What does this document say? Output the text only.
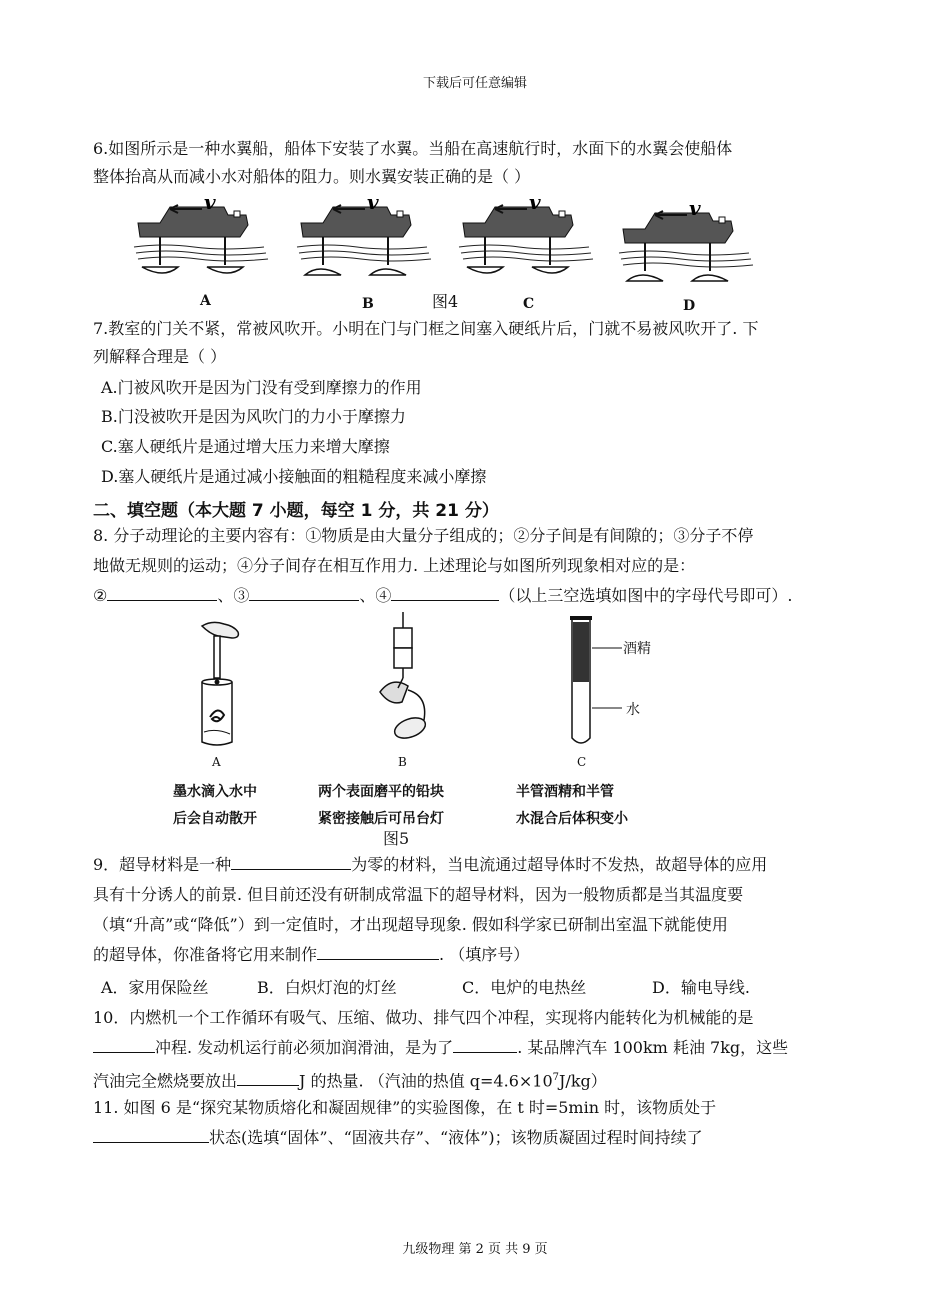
下载后可任意编辑
6.如图所示是一种水翼船，船体下安装了水翼。当船在高速航行时，水面下的水翼会使船体
整体抬高从而减小水对船体的阻力。则水翼安装正确的是（ ）
v	v	v	v
图4
A	B	C	D
7.教室的门关不紧，常被风吹开。小明在门与门框之间塞入硬纸片后，门就不易被风吹开了. 下
列解释合理是（ ）
A.门被风吹开是因为门没有受到摩擦力的作用
B.门没被吹开是因为风吹门的力小于摩擦力
C.塞人硬纸片是通过增大压力来增大摩擦
D.塞人硬纸片是通过减小接触面的粗糙程度来减小摩擦
二、填空题（本大题 7 小题，每空 1 分，共 21 分）
8. 分子动理论的主要内容有：①物质是由大量分子组成的；②分子间是有间隙的；③分子不停
地做无规则的运动；④分子间存在相互作用力. 上述理论与如图所列现象相对应的是：
②	、③	、④	（以上三空选填如图中的字母代号即可）.
酒精
水
A	B	C
墨水滴入水中
后会自动散开
两个表面磨平的铅块
紧密接触后可吊台灯
半管酒精和半管
水混合后体积变小
图5
9．超导材料是一种	为零的材料，当电流通过超导体时不发热，故超导体的应用
具有十分诱人的前景. 但目前还没有研制成常温下的超导材料，因为一般物质都是当其温度要
（填“升高”或“降低”）到一定值时，才出现超导现象. 假如科学家已研制出室温下就能使用
的超导体，你准备将它用来制作	. （填序号）
A．家用保险丝	B．白炽灯泡的灯丝	C．电炉的电热丝	D．输电导线.
10．内燃机一个工作循环有吸气、压缩、做功、排气四个冲程，实现将内能转化为机械能的是
冲程. 发动机运行前必须加润滑油，是为了	. 某品牌汽车 100km 耗油 7kg，这些
汽油完全燃烧要放出	J 的热量. （汽油的热值 $q=4.6\times 10^7J/kg$）
11. 如图 6 是“探究某物质熔化和凝固规律”的实验图像，在 t 时=5min 时，该物质处于
状态(选填“固体”、“固液共存”、“液体”)；该物质凝固过程时间持续了
九级物理 第 2 页 共 9 页
